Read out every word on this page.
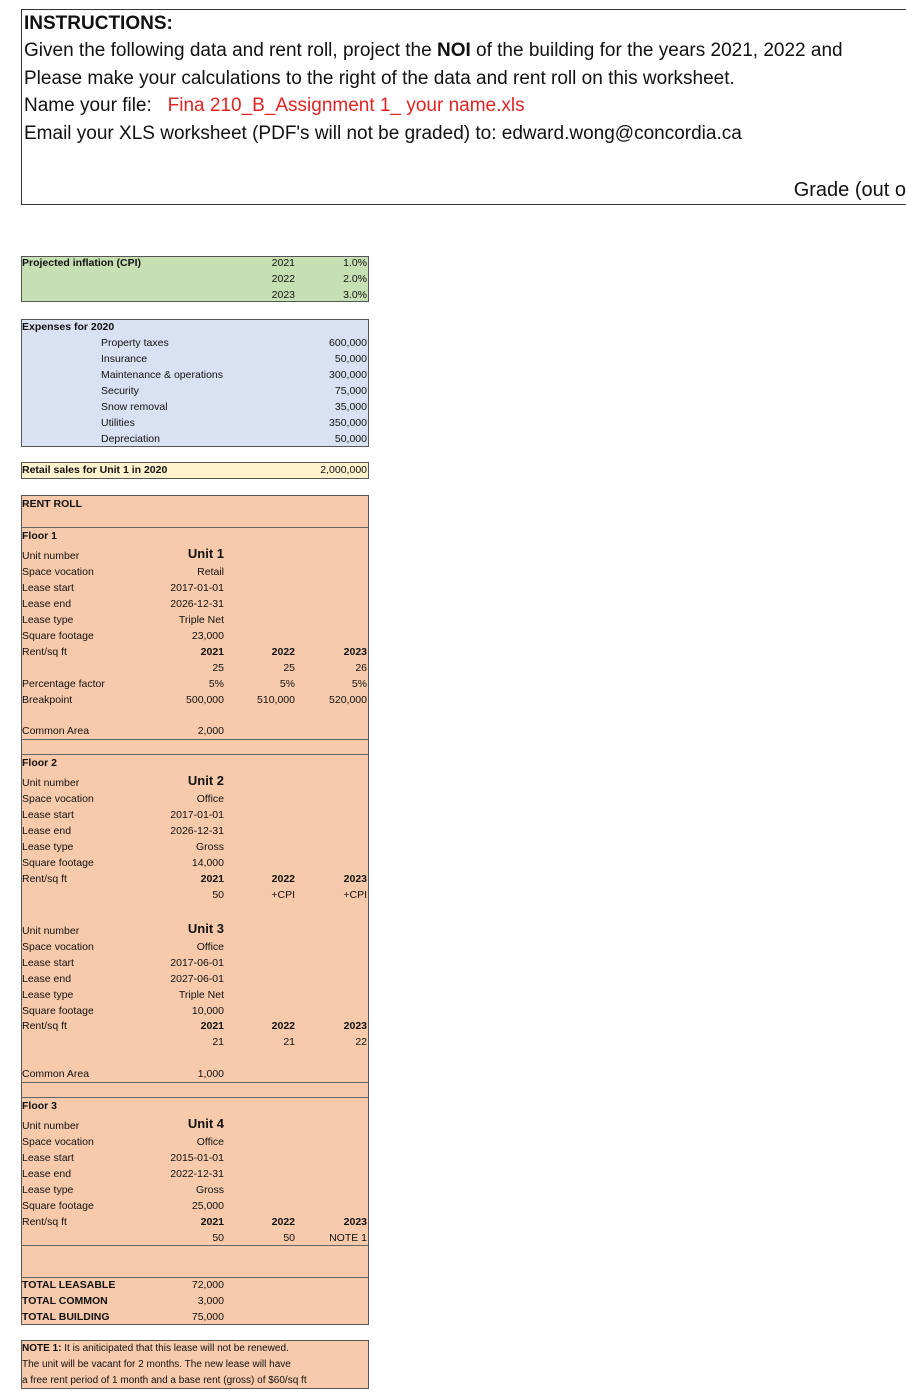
INSTRUCTIONS:
Given the following data and rent roll, project the NOI of the building for the years 2021, 2022 and
Please make your calculations to the right of the data and rent roll on this worksheet.
Name your file: Fina 210_B_Assignment 1_ your name.xls
Email your XLS worksheet (PDF's will not be graded) to: edward.wong@concordia.ca
Grade (out o
Projected inflation (CPI)	2021	1.0%
2022	2.0%
2023	3.0%
Expenses for 2020
Property taxes	600,000
Insurance	50,000
Maintenance & operations	300,000
Security	75,000
Snow removal	35,000
Utilities	350,000
Depreciation	50,000
Retail sales for Unit 1 in 2020	2,000,000
RENT ROLL
Floor 1
Unit number	Unit 1
Space vocation	Retail
Lease start	2017-01-01
Lease end	2026-12-31
Lease type	Triple Net
Square footage	23,000
Rent/sq ft	2021	2022	2023
25	25	26
Percentage factor	5%	5%	5%
Breakpoint	500,000	510,000	520,000
Common Area	2,000
Floor 2
Unit number	Unit 2
Space vocation	Office
Lease start	2017-01-01
Lease end	2026-12-31
Lease type	Gross
Square footage	14,000
Rent/sq ft	2021	2022	2023
50	+CPI	+CPI
Unit number	Unit 3
Space vocation	Office
Lease start	2017-06-01
Lease end	2027-06-01
Lease type	Triple Net
Square footage	10,000
Rent/sq ft	2021	2022	2023
21	21	22
Common Area	1,000
Floor 3
Unit number	Unit 4
Space vocation	Office
Lease start	2015-01-01
Lease end	2022-12-31
Lease type	Gross
Square footage	25,000
Rent/sq ft	2021	2022	2023
50	50	NOTE 1
TOTAL LEASABLE	72,000
TOTAL COMMON	3,000
TOTAL BUILDING	75,000
NOTE 1: It is aniticipated that this lease will not be renewed.
The unit will be vacant for 2 months. The new lease will have
a free rent period of 1 month and a base rent (gross) of $60/sq ft
